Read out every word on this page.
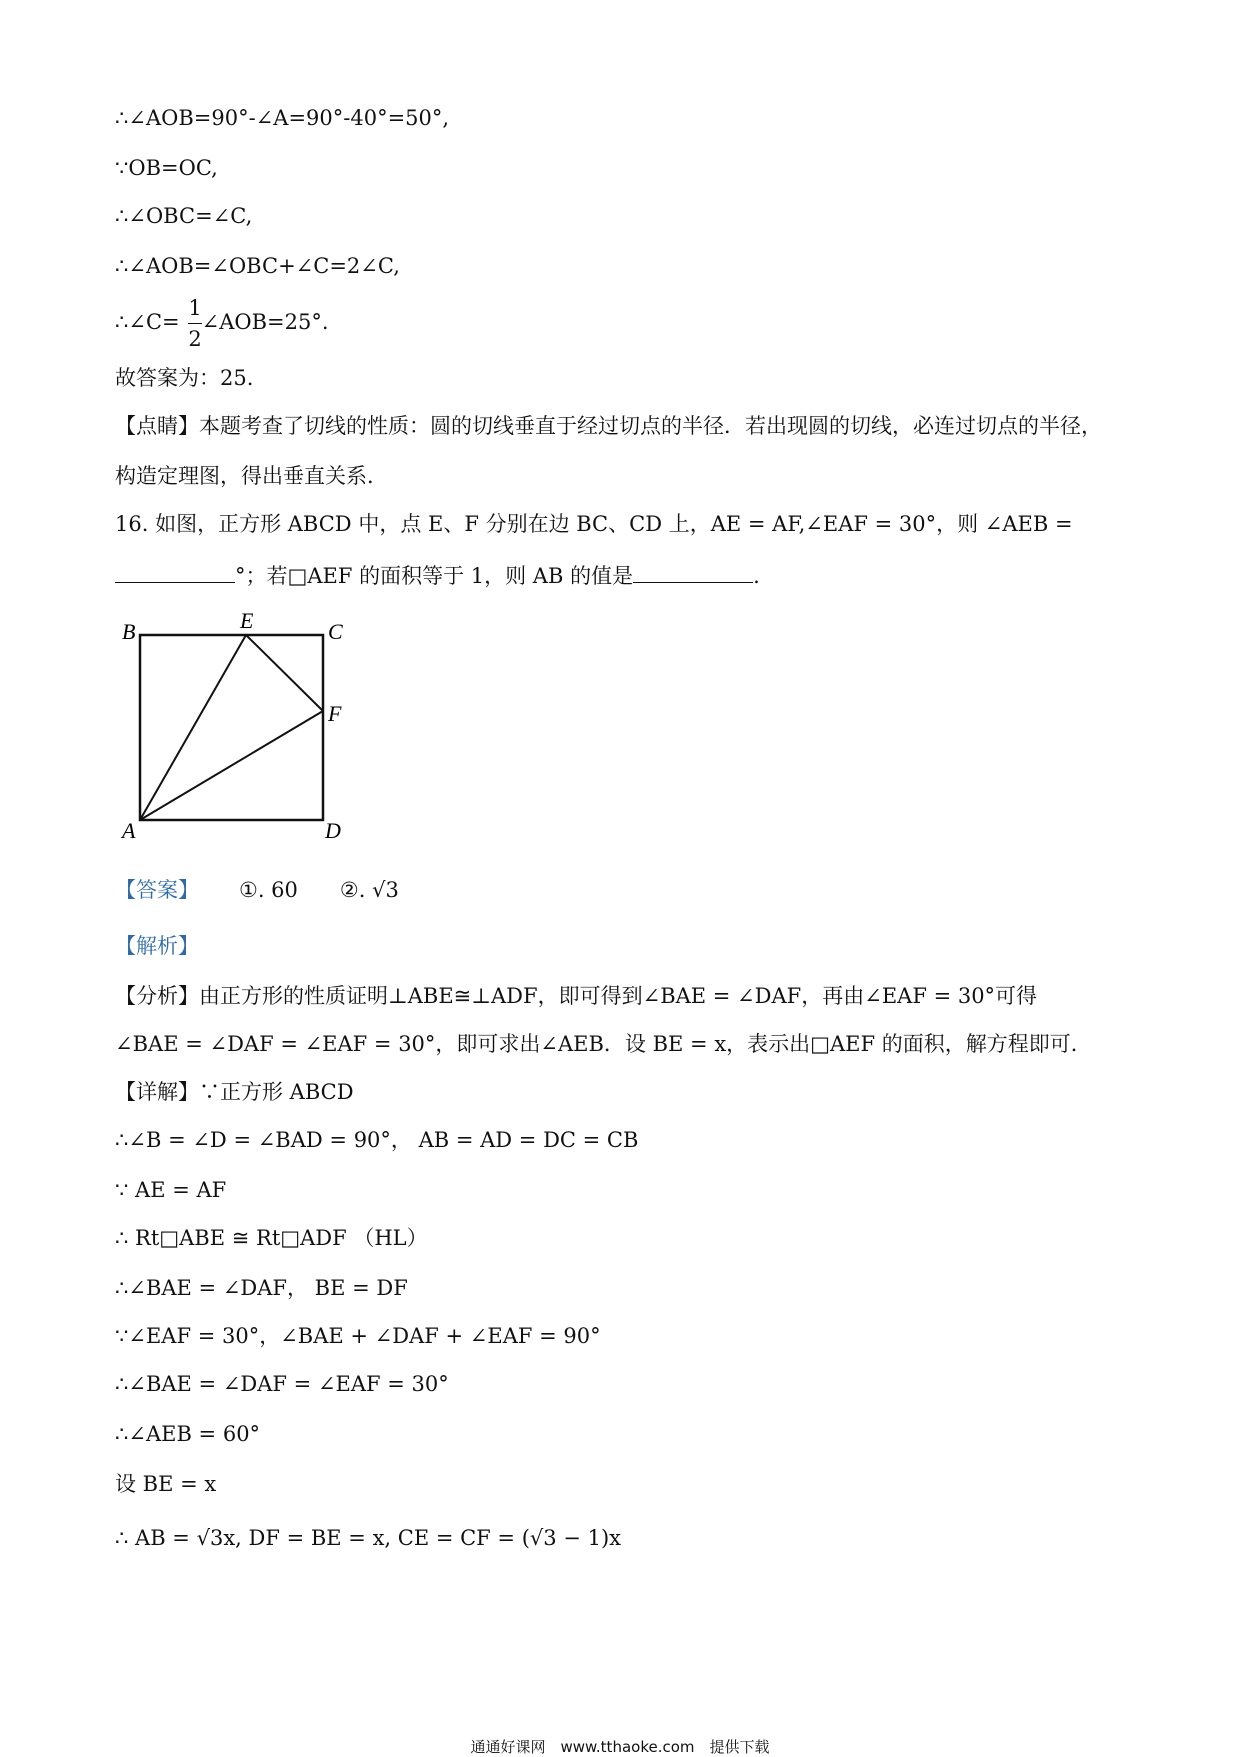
∴∠AOB=90°-∠A=90°-40°=50°,
∵OB=OC,
∴∠OBC=∠C,
∴∠AOB=∠OBC+∠C=2∠C,
∴∠C= ∠AOB=25°.
1
2
故答案为：25.
【点睛】本题考查了切线的性质：圆的切线垂直于经过切点的半径．若出现圆的切线，必连过切点的半径，
构造定理图，得出垂直关系．
16. 如图，正方形 ABCD 中，点 E、F 分别在边 BC、CD 上，AE = AF,∠EAF = 30°，则 ∠AEB =
°；若□AEF 的面积等于 1，则 AB 的值是	.
B	E	C
F
A	D
【答案】 ①. 60　　②. √3
【解析】
【分析】由正方形的性质证明⊥ABE≅⊥ADF，即可得到∠BAE = ∠DAF，再由∠EAF = 30°可得
∠BAE = ∠DAF = ∠EAF = 30°，即可求出∠AEB．设 BE = x，表示出□AEF 的面积，解方程即可．
【详解】∵正方形 ABCD
∴∠B = ∠D = ∠BAD = 90°， AB = AD = DC = CB
∵ AE = AF
∴ Rt□ABE ≅ Rt□ADF （HL）
∴∠BAE = ∠DAF， BE = DF
∵∠EAF = 30°，∠BAE + ∠DAF + ∠EAF = 90°
∴∠BAE = ∠DAF = ∠EAF = 30°
∴∠AEB = 60°
设 BE = x
∴ AB = √3x, DF = BE = x, CE = CF = (√3 − 1)x
通通好课网　www.tthaoke.com　提供下载
